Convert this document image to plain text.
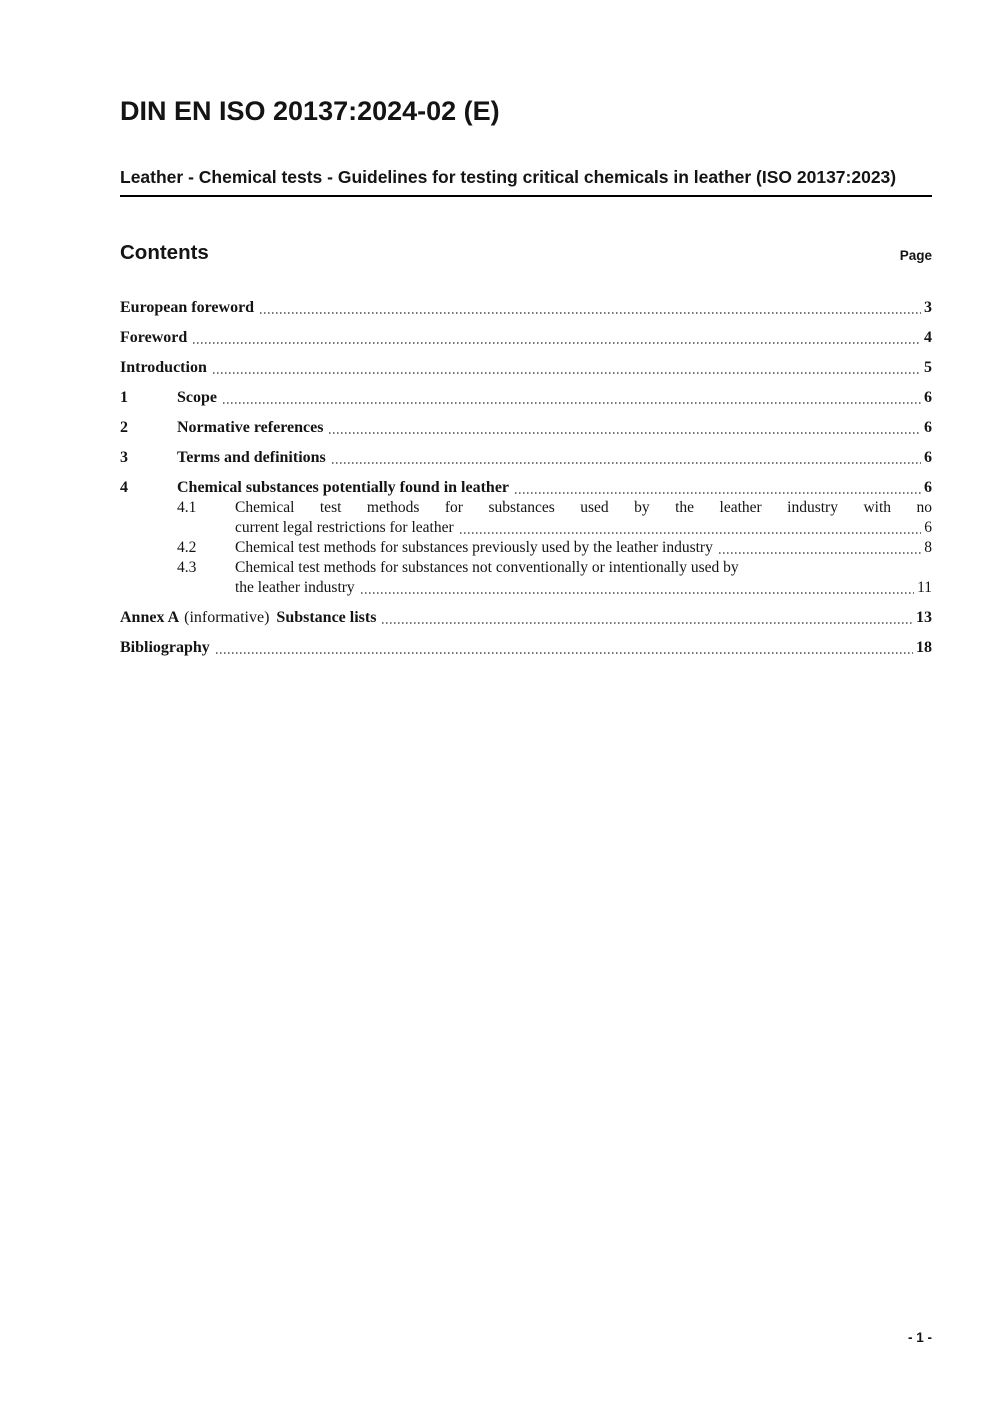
DIN EN ISO 20137:2024-02 (E)
Leather - Chemical tests - Guidelines for testing critical chemicals in leather (ISO 20137:2023)
Contents	Page
European foreword	3
Foreword	4
Introduction	5
1	Scope	6
2	Normative references	6
3	Terms and definitions	6
4	Chemical substances potentially found in leather	6
4.1	Chemical test methods for substances used by the leather industry with no
current legal restrictions for leather	6
4.2	Chemical test methods for substances previously used by the leather industry	8
4.3	Chemical test methods for substances not conventionally or intentionally used by
the leather industry	11
Annex A (informative) Substance lists	13
Bibliography	18
- 1 -
